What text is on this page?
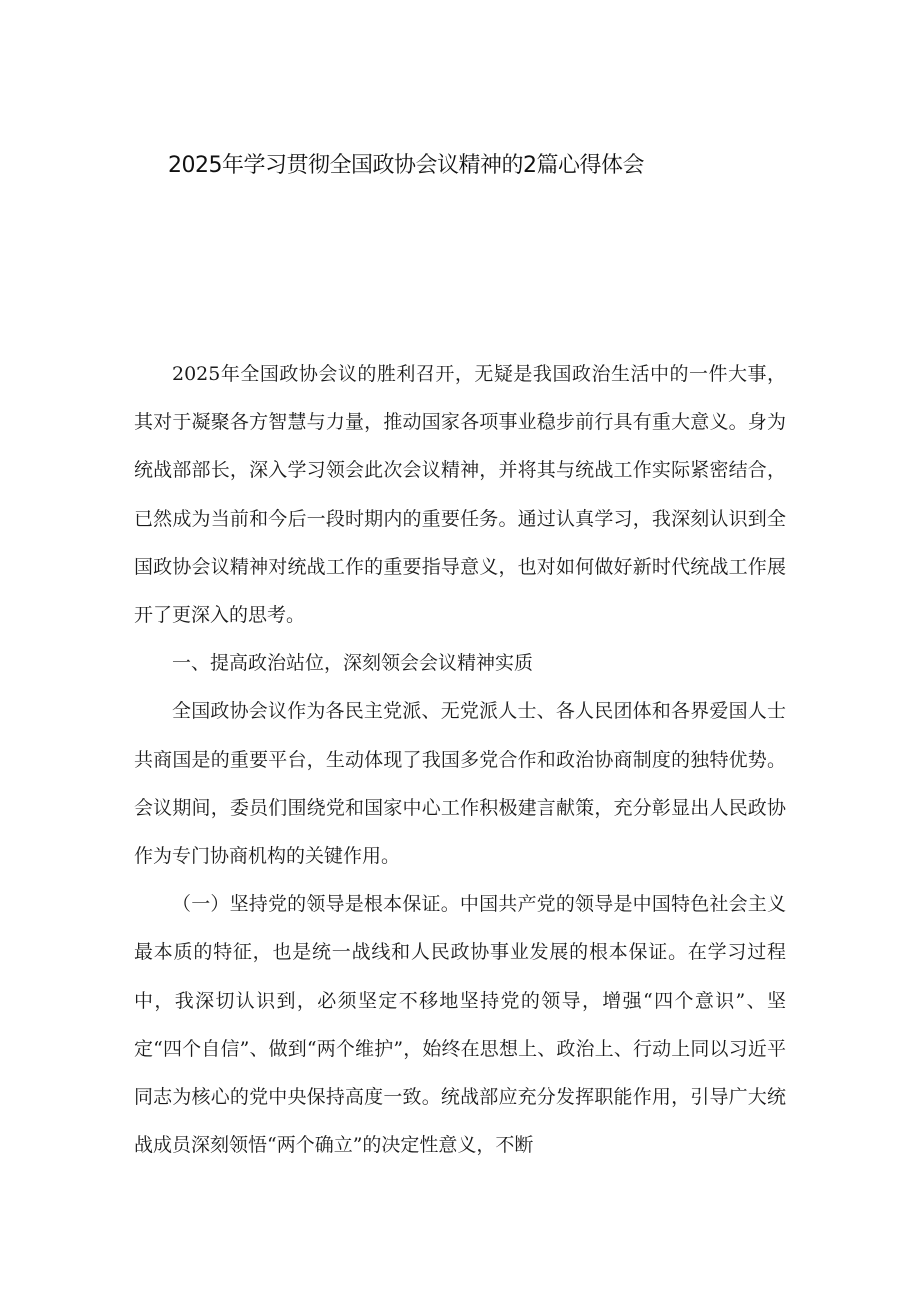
2025年学习贯彻全国政协会议精神的2篇心得体会

2025年全国政协会议的胜利召开，无疑是我国政治生活中的一件大事，其对于凝聚各方智慧与力量，推动国家各项事业稳步前行具有重大意义。身为统战部部长，深入学习领会此次会议精神，并将其与统战工作实际紧密结合，已然成为当前和今后一段时期内的重要任务。通过认真学习，我深刻认识到全国政协会议精神对统战工作的重要指导意义，也对如何做好新时代统战工作展开了更深入的思考。

一、提高政治站位，深刻领会会议精神实质

全国政协会议作为各民主党派、无党派人士、各人民团体和各界爱国人士共商国是的重要平台，生动体现了我国多党合作和政治协商制度的独特优势。会议期间，委员们围绕党和国家中心工作积极建言献策，充分彰显出人民政协作为专门协商机构的关键作用。

（一）坚持党的领导是根本保证。中国共产党的领导是中国特色社会主义最本质的特征，也是统一战线和人民政协事业发展的根本保证。在学习过程中，我深切认识到，必须坚定不移地坚持党的领导，增强“四个意识”、坚定“四个自信”、做到“两个维护”，始终在思想上、政治上、行动上同以习近平同志为核心的党中央保持高度一致。统战部应充分发挥职能作用，引导广大统战成员深刻领悟“两个确立”的决定性意义，不断
